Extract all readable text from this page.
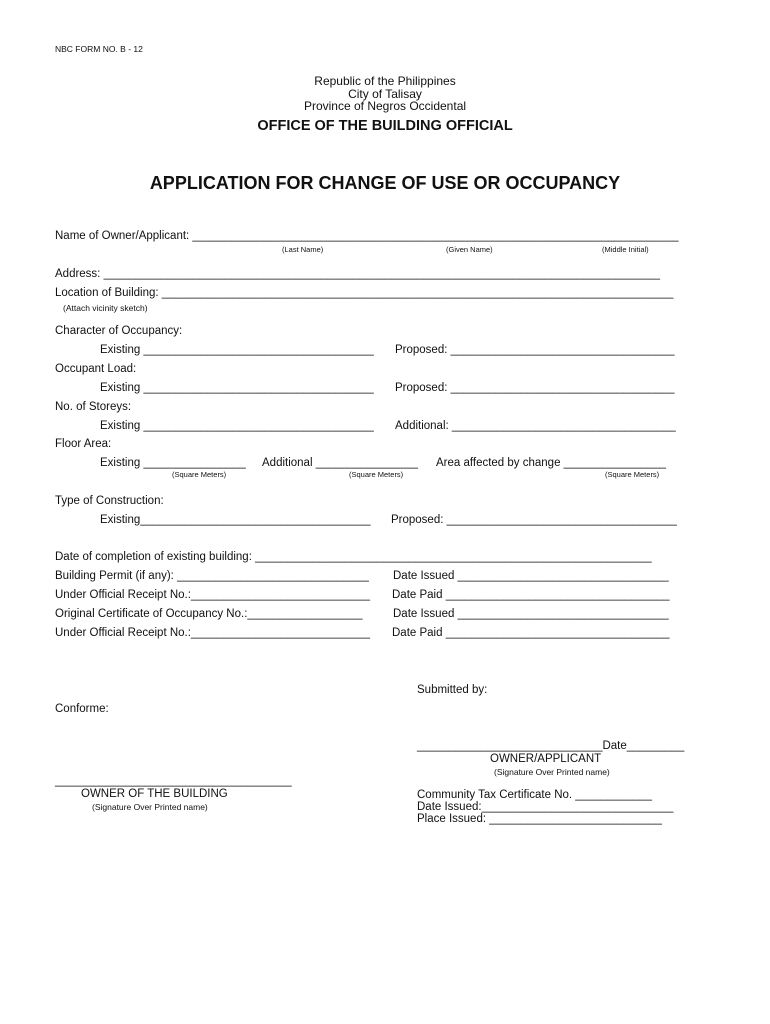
NBC FORM NO. B - 12
Republic of the Philippines
City of Talisay
Province of Negros Occidental
OFFICE OF THE BUILDING OFFICIAL
APPLICATION FOR CHANGE OF USE OR OCCUPANCY
Name of Owner/Applicant: ____________________________________________________________________________
(Last Name)	(Given Name)	(Middle Initial)
Address: _______________________________________________________________________________________
Location of Building: ________________________________________________________________________________
(Attach vicinity sketch)
Character of Occupancy:
Existing ____________________________________ Proposed: ___________________________________
Occupant Load:
Existing ____________________________________ Proposed: ___________________________________
No. of Storeys:
Existing ____________________________________ Additional: ___________________________________
Floor Area:
Existing ________________ Additional ________________ Area affected by change ________________
(Square Meters)	(Square Meters)	(Square Meters)
Type of Construction:
Existing____________________________________ Proposed: ____________________________________
Date of completion of existing building: ______________________________________________________________
Building Permit (if any): ______________________________ Date Issued _________________________________
Under Official Receipt No.:____________________________ Date Paid ___________________________________
Original Certificate of Occupancy No.:__________________	Date Issued _________________________________
Under Official Receipt No.:____________________________ Date Paid ___________________________________
Submitted by:
Conforme:
_____________________________Date_________
OWNER/APPLICANT
(Signature Over Printed name)
_____________________________________
OWNER OF THE BUILDING
(Signature Over Printed name)
Community Tax Certificate No. ____________
Date Issued:______________________________
Place Issued: ___________________________
